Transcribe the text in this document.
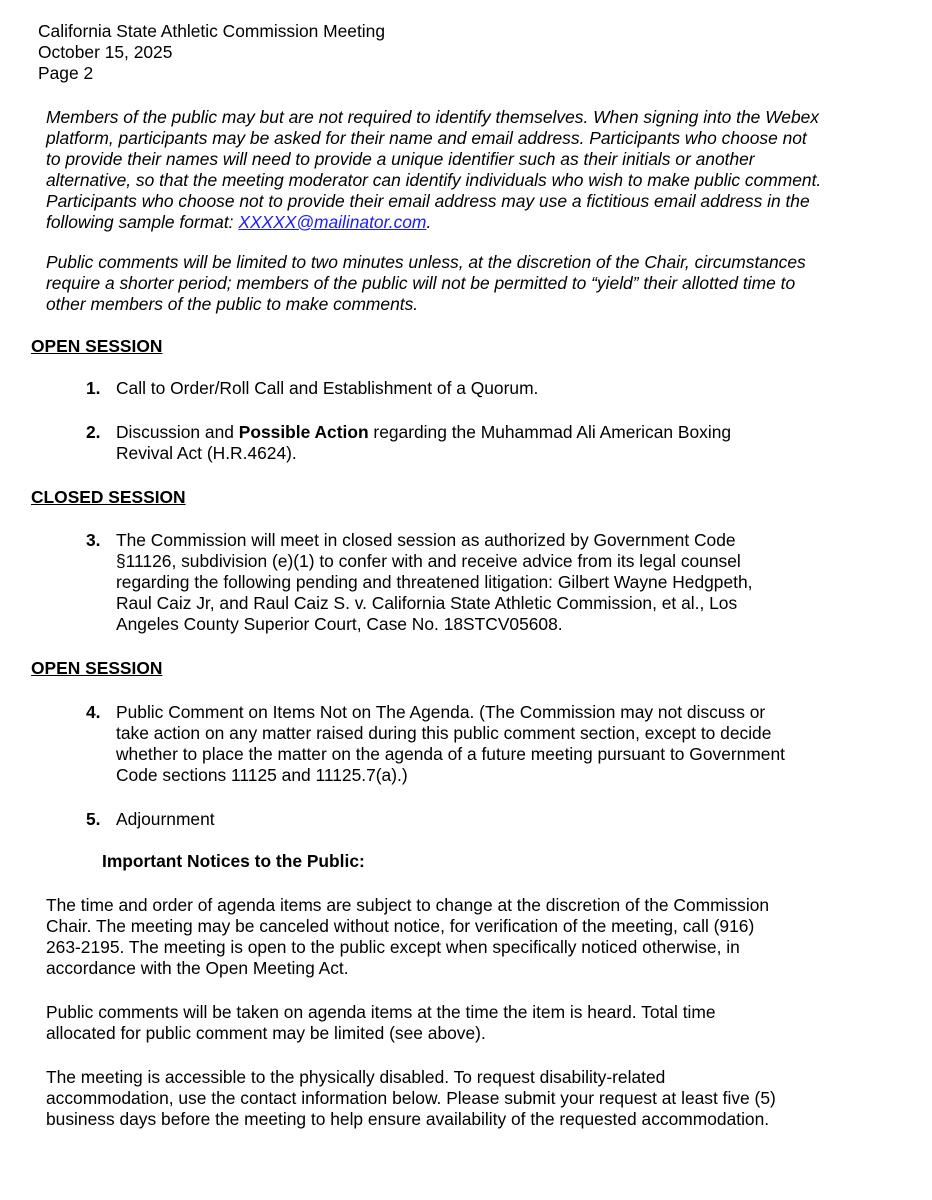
California State Athletic Commission Meeting
October 15, 2025
Page 2
Members of the public may but are not required to identify themselves. When signing into the Webex
platform, participants may be asked for their name and email address. Participants who choose not
to provide their names will need to provide a unique identifier such as their initials or another
alternative, so that the meeting moderator can identify individuals who wish to make public comment.
Participants who choose not to provide their email address may use a fictitious email address in the
following sample format: XXXXX@mailinator.com.
Public comments will be limited to two minutes unless, at the discretion of the Chair, circumstances
require a shorter period; members of the public will not be permitted to “yield” their allotted time to
other members of the public to make comments.
OPEN SESSION
1. Call to Order/Roll Call and Establishment of a Quorum.
2. Discussion and Possible Action regarding the Muhammad Ali American Boxing
Revival Act (H.R.4624).
CLOSED SESSION
3. The Commission will meet in closed session as authorized by Government Code
§11126, subdivision (e)(1) to confer with and receive advice from its legal counsel
regarding the following pending and threatened litigation: Gilbert Wayne Hedgpeth,
Raul Caiz Jr, and Raul Caiz S. v. California State Athletic Commission, et al., Los
Angeles County Superior Court, Case No. 18STCV05608.
OPEN SESSION
4. Public Comment on Items Not on The Agenda. (The Commission may not discuss or
take action on any matter raised during this public comment section, except to decide
whether to place the matter on the agenda of a future meeting pursuant to Government
Code sections 11125 and 11125.7(a).)
5. Adjournment
Important Notices to the Public:
The time and order of agenda items are subject to change at the discretion of the Commission
Chair. The meeting may be canceled without notice, for verification of the meeting, call (916)
263-2195. The meeting is open to the public except when specifically noticed otherwise, in
accordance with the Open Meeting Act.
Public comments will be taken on agenda items at the time the item is heard. Total time
allocated for public comment may be limited (see above).
The meeting is accessible to the physically disabled. To request disability-related
accommodation, use the contact information below. Please submit your request at least five (5)
business days before the meeting to help ensure availability of the requested accommodation.
